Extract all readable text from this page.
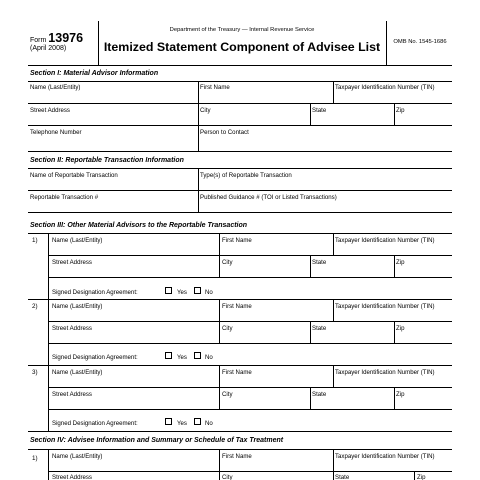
Form 13976
(April 2008)
Department of the Treasury — Internal Revenue Service
Itemized Statement Component of Advisee List	OMB No. 1545-1686
Section I: Material Advisor Information
Name (Last/Entity)	First Name	Taxpayer Identification Number (TIN)
Street Address	City	State	Zip
Telephone Number	Person to Contact
Section II: Reportable Transaction Information
Name of Reportable Transaction	Type(s) of Reportable Transaction
Reportable Transaction #	Published Guidance # (TOI or Listed Transactions)
Section III: Other Material Advisors to the Reportable Transaction
1) Name (Last/Entity)	First Name	Taxpayer Identification Number (TIN)
Street Address	City	State	Zip
Signed Designation Agreement:	Yes	No
2) Name (Last/Entity)	First Name	Taxpayer Identification Number (TIN)
Street Address	City	State	Zip
Signed Designation Agreement:	Yes	No
3) Name (Last/Entity)	First Name	Taxpayer Identification Number (TIN)
Street Address	City	State	Zip
Signed Designation Agreement:	Yes	No
Section IV: Advisee Information and Summary or Schedule of Tax Treatment
1) Name (Last/Entity)	First Name	Taxpayer Identification Number (TIN)
Street Address	City	State	Zip
